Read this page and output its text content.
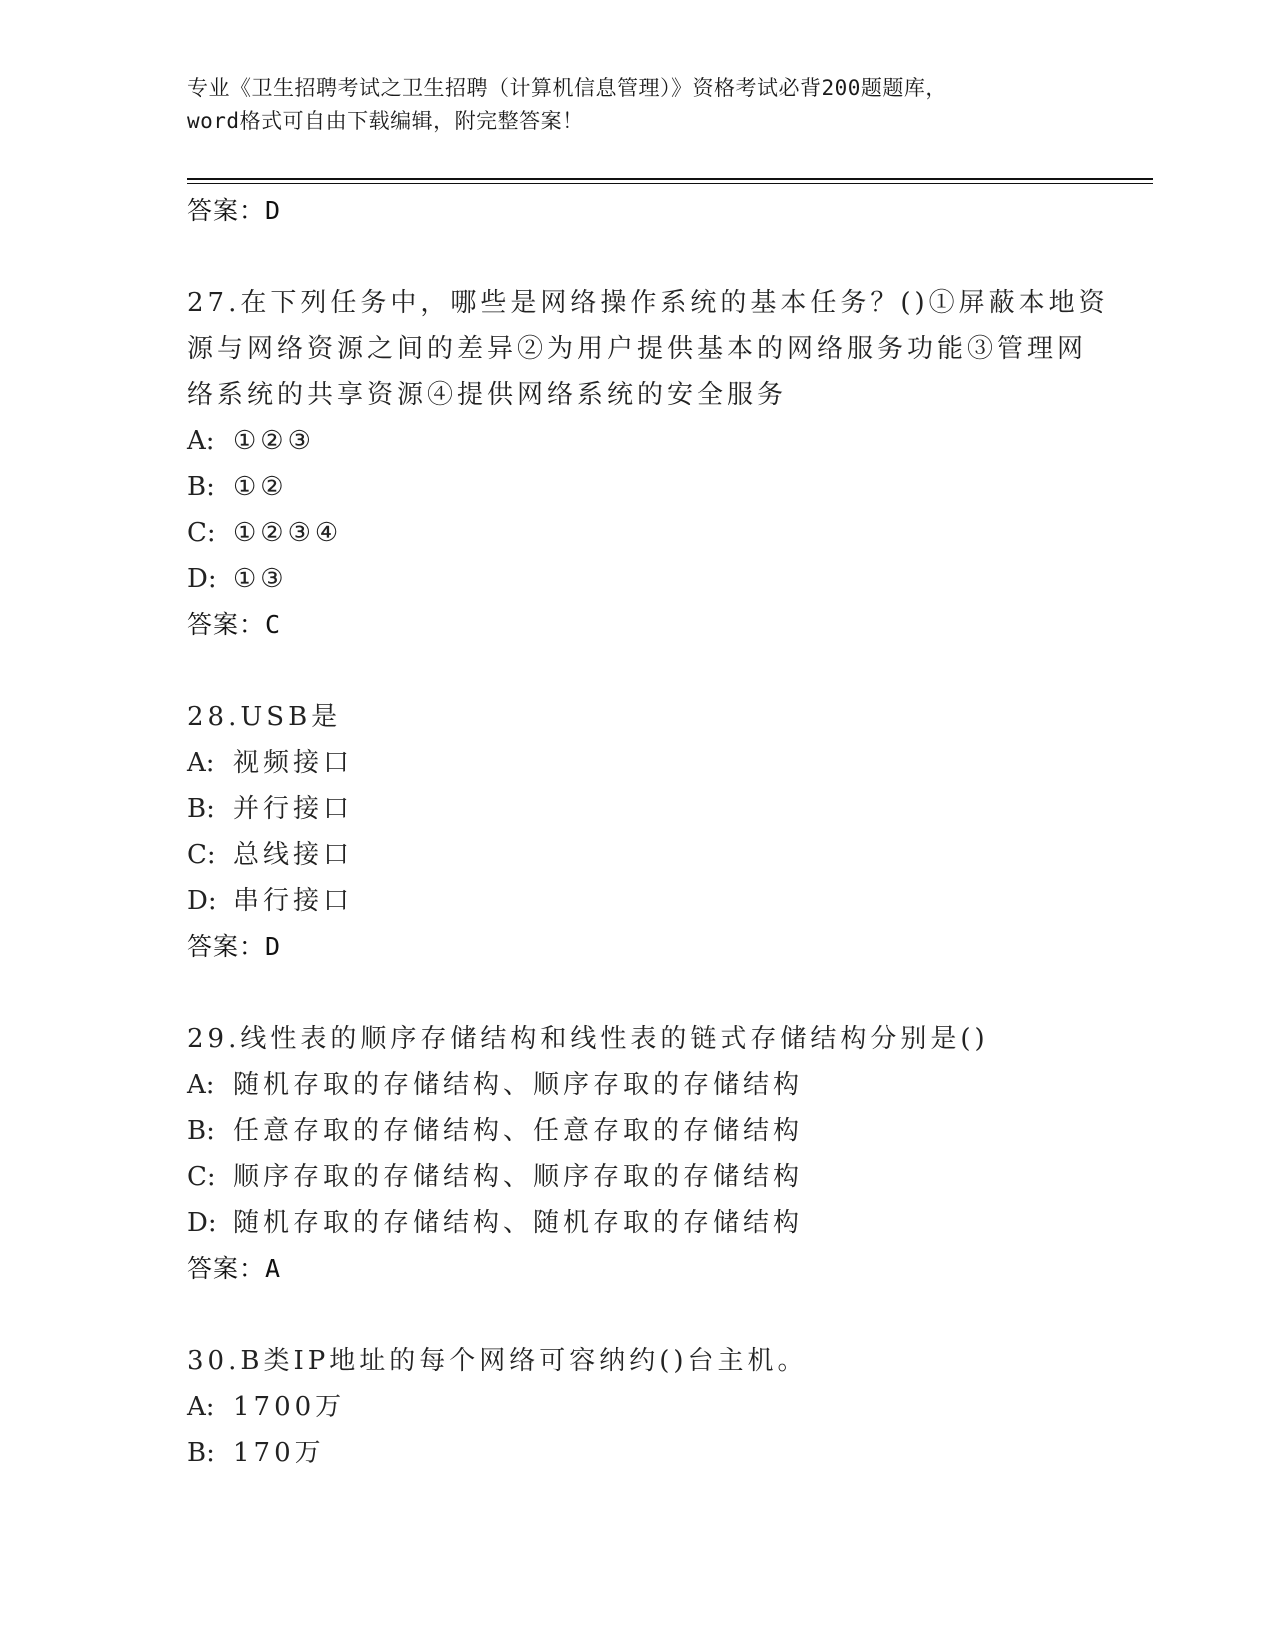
专业《卫生招聘考试之卫生招聘（计算机信息管理）》资格考试必背200题题库，
word格式可自由下载编辑，附完整答案！
答案：D
27.在下列任务中，哪些是网络操作系统的基本任务？()①屏蔽本地资
源与网络资源之间的差异②为用户提供基本的网络服务功能③管理网
络系统的共享资源④提供网络系统的安全服务
A: ①②③
B: ①②
C: ①②③④
D: ①③
答案：C
28.USB是
A: 视频接口
B: 并行接口
C: 总线接口
D: 串行接口
答案：D
29.线性表的顺序存储结构和线性表的链式存储结构分别是()
A: 随机存取的存储结构、顺序存取的存储结构
B: 任意存取的存储结构、任意存取的存储结构
C: 顺序存取的存储结构、顺序存取的存储结构
D: 随机存取的存储结构、随机存取的存储结构
答案：A
30.B类IP地址的每个网络可容纳约()台主机。
A: 1700万
B: 170万
